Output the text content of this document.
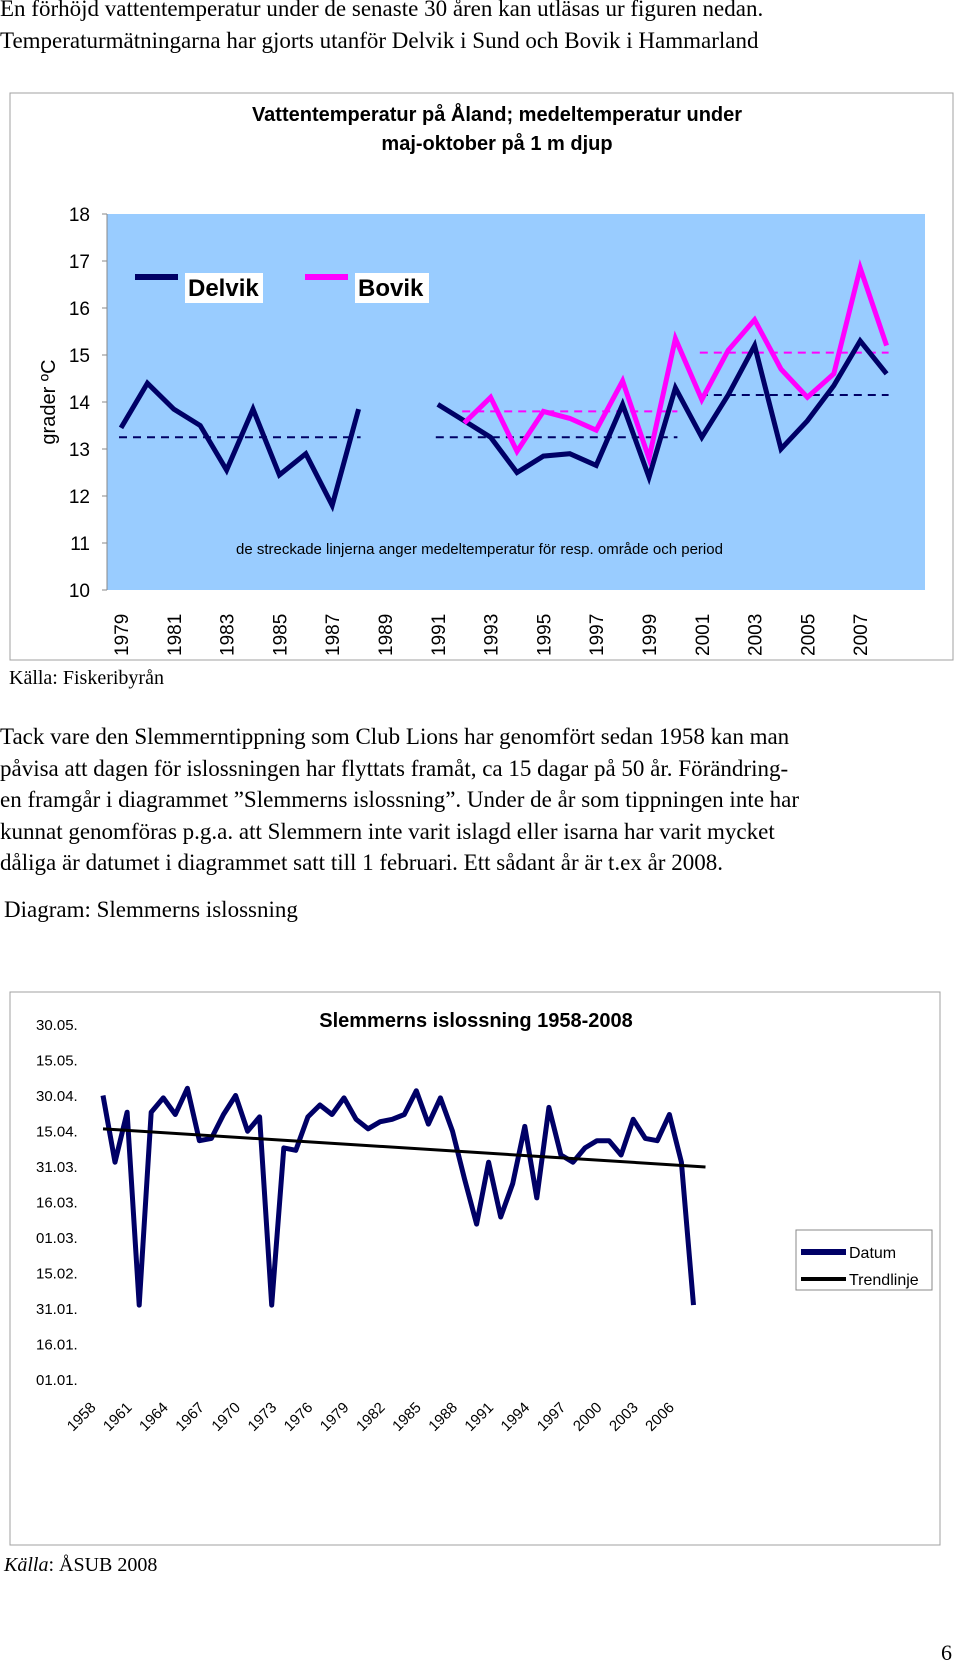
En förhöjd vattentemperatur under de senaste 30 åren kan utläsas ur figuren nedan.
Temperaturmätningarna har gjorts utanför Delvik i Sund och Bovik i Hammarland
Vattentemperatur på Åland; medeltemperatur under
maj-oktober på 1 m djup
18
17
16
15
14
13
12
11
10
grader ºC
1979 1981 1983 1985 1987 1989 1991 1993 1995 1997 1999 2001 2003 2005 2007
Delvik	Bovik
de streckade linjerna anger medeltemperatur för resp. område och period
Källa: Fiskeribyrån
Tack vare den Slemmerntippning som Club Lions har genomfört sedan 1958 kan man
påvisa att dagen för islossningen har flyttats framåt, ca 15 dagar på 50 år. Förändring-
en framgår i diagrammet ”Slemmerns islossning”. Under de år som tippningen inte har
kunnat genomföras p.g.a. att Slemmern inte varit islagd eller isarna har varit mycket
dåliga är datumet i diagrammet satt till 1 februari. Ett sådant år är t.ex år 2008.
Diagram: Slemmerns islossning
Slemmerns islossning 1958-2008
30.05.
15.05.
30.04.
15.04.
31.03.
16.03.
01.03.
15.02.
31.01.
16.01.
01.01.
1958 1961 1964 1967 1970 1973 1976 1979 1982 1985 1988 1991 1994 1997 2000 2003 2006
Datum
Trendlinje
Källa: ÅSUB 2008
6
